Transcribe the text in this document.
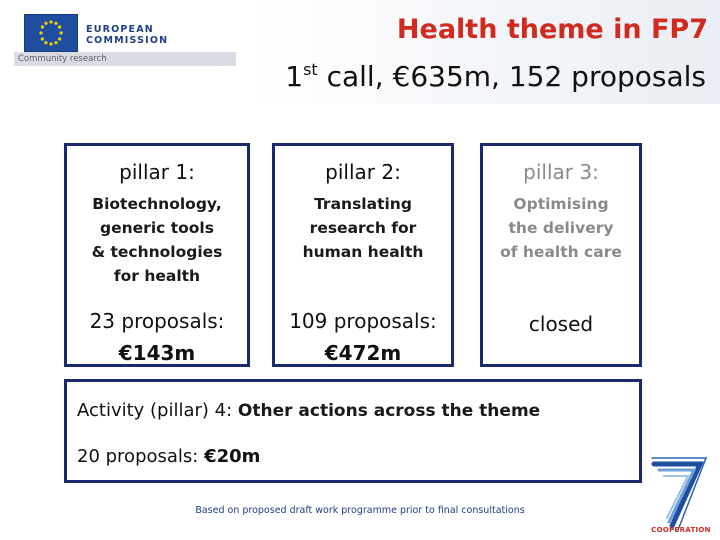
EUROPEAN
COMMISSION
Community research
Health theme in FP7
1st call, €635m, 152 proposals
pillar 1:
Biotechnology,
generic tools
& technologies
for health
23 proposals:
€143m
pillar 2:
Translating
research for
human health
109 proposals:
€472m
pillar 3:
Optimising
the delivery
of health care
closed
Activity (pillar) 4: Other actions across the theme
20 proposals: €20m
Based on proposed draft work programme prior to final consultations
COOPERATION
